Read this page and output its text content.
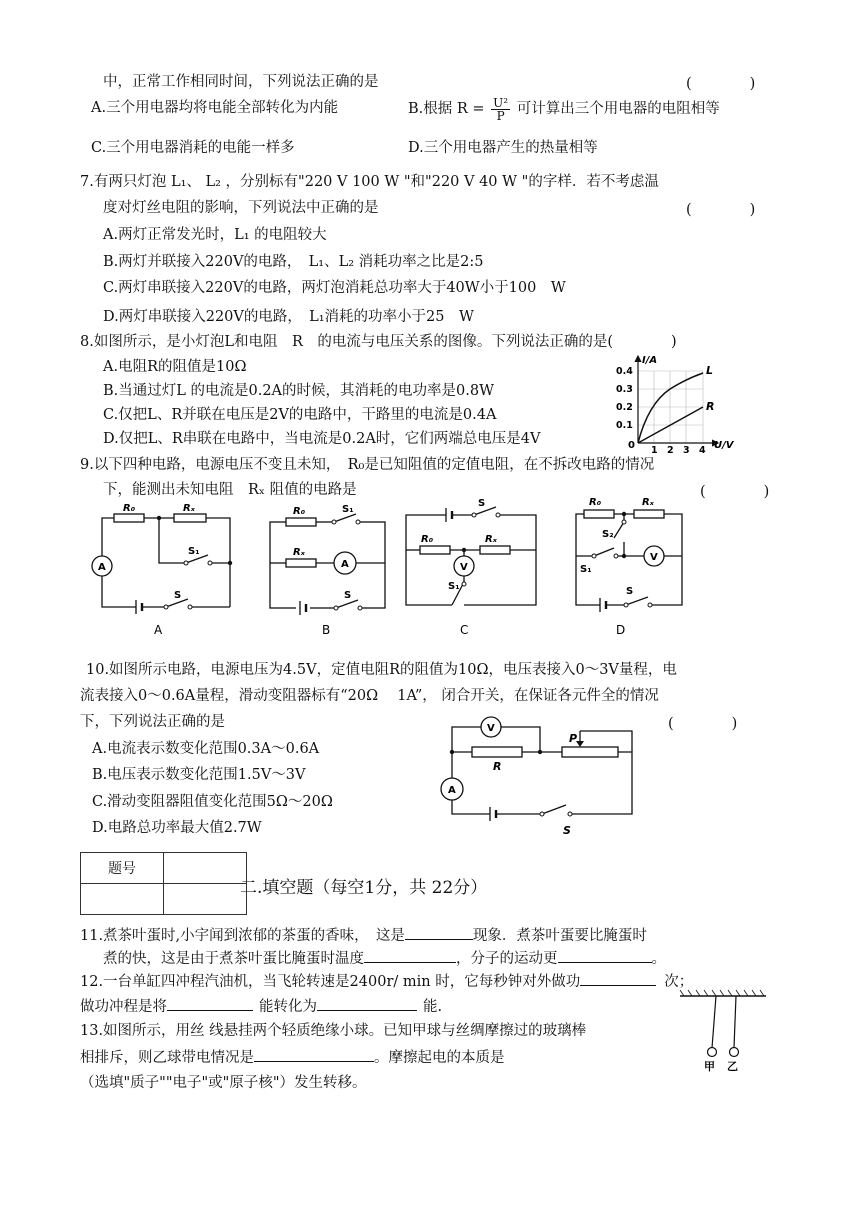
中，正常工作相同时间，下列说法正确的是	(　　　　)
A.三个用电器均将电能全部转化为内能	B.根据 $R = \frac{\text{U²}}{P}$ 可计算出三个用电器的电阻相等
C.三个用电器消耗的电能一样多	D.三个用电器产生的热量相等
7.有两只灯泡 L₁、 L₂ ，分别标有"220 V 100 W "和"220 V 40 W "的字样．若不考虑温
度对灯丝电阻的影响，下列说法中正确的是	(　　　　)
A.两灯正常发光时，L₁ 的电阻较大
B.两灯并联接入220V的电路，　L₁、L₂ 消耗功率之比是2:5
C.两灯串联接入220V的电路，两灯泡消耗总功率大于40W小于100　W
D.两灯串联接入220V的电路，　L₁消耗的功率小于25　W
8.如图所示，是小灯泡L和电阻　R　的电流与电压关系的图像。下列说法正确的是(　　　　)
A.电阻R的阻值是10Ω
B.当通过灯L 的电流是0.2A的时候，其消耗的电功率是0.8W
C.仅把L、R并联在电压是2V的电路中，干路里的电流是0.4A
D.仅把L、R串联在电路中，当电流是0.2A时，它们两端总电压是4V
I/A
U/V
0
0.1
0.2
0.3
0.4
1 2 3 4
L
R
9.以下四种电路，电源电压不变且未知，　R₀是已知阻值的定值电阻，在不拆改电路的情况
下，能测出未知电阻　Rₓ 阻值的电路是	(　　　　)
A
R₀	Rₓ
S₁
S
A
A
R₀
Rₓ
S₁
S
B
V
R₀	Rₓ
S
S₁
C
V
R₀	Rₓ
S₂
S₁
S
D
10.如图所示电路，电源电压为4.5V，定值电阻R的阻值为10Ω，电压表接入0～3V量程，电
流表接入0～0.6A量程，滑动变阻器标有“20Ω　 1A”， 闭合开关，在保证各元件全的情况
下，下列说法正确的是	(　　　　)
A.电流表示数变化范围0.3A～0.6A
B.电压表示数变化范围1.5V～3V
C.滑动变阻器阻值变化范围5Ω～20Ω
D.电路总功率最大值2.7W
V
A
R
P
S
题号	

二.填空题（每空1分，共 22分）
11.煮茶叶蛋时,小宇闻到浓郁的茶蛋的香味，　这是	现象．煮茶叶蛋要比腌蛋时
煮的快，这是由于煮茶叶蛋比腌蛋时温度	，分子的运动更	。
12.一台单缸四冲程汽油机，当飞轮转速是2400r/ min 时，它每秒钟对外做功	次；
做功冲程是将	能转化为	能.
13.如图所示，用丝 线悬挂两个轻质绝缘小球。已知甲球与丝绸摩擦过的玻璃棒
相排斥，则乙球带电情况是	。摩擦起电的本质是
（选填"质子""电子"或"原子核"）发生转移。
甲 乙
